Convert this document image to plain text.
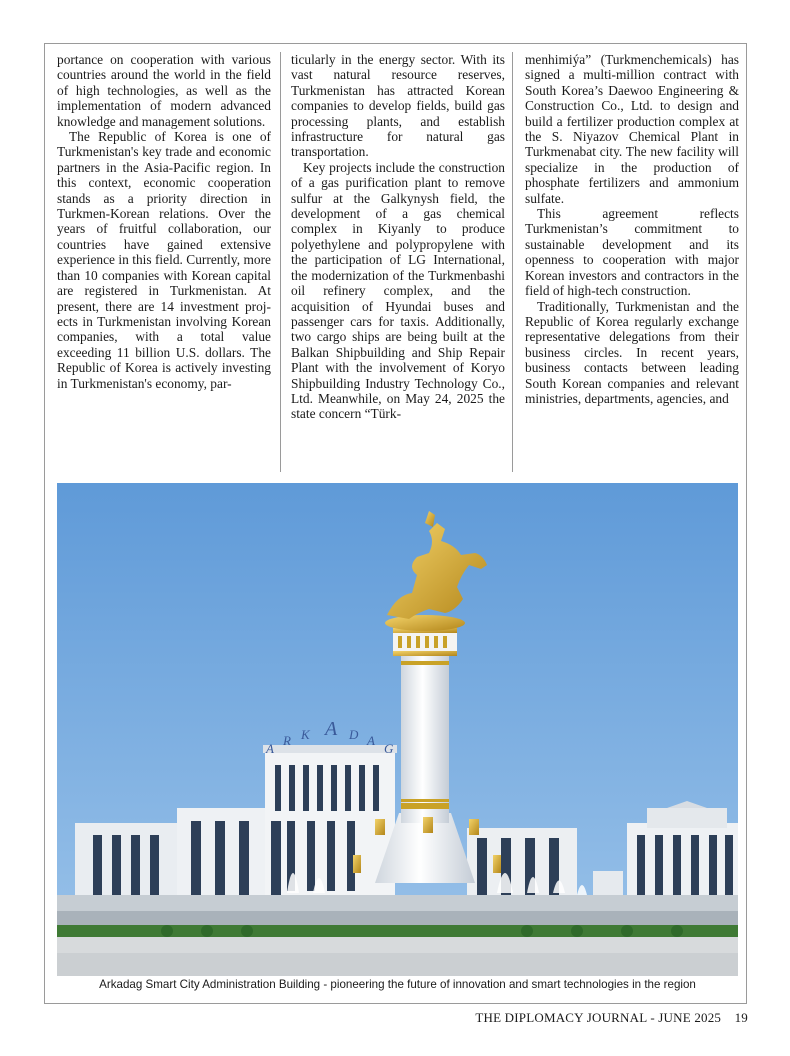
portance on cooperation with various countries around the world in the field of high technologies, as well as the implementation of modern advanced knowledge and management solutions.

The Republic of Korea is one of Turkmenistan's key trade and economic partners in the Asia-Pacific region. In this context, economic cooperation stands as a priority direction in Turkmen-Korean relations. Over the years of fruitful collaboration, our countries have gained extensive experience in this field. Currently, more than 10 companies with Korean capital are registered in Turkmenistan. At present, there are 14 investment projects in Turkmenistan involving Korean companies, with a total value exceeding 11 billion U.S. dollars. The Republic of Korea is actively investing in Turkmenistan's economy, par-

ticularly in the energy sector. With its vast natural resource reserves, Turkmenistan has attracted Korean companies to develop fields, build gas processing plants, and establish infrastructure for natural gas transportation.

Key projects include the construction of a gas purification plant to remove sulfur at the Galkynysh field, the development of a gas chemical complex in Kiyanly to produce polyethylene and polypropylene with the participation of LG International, the modernization of the Turkmenbashi oil refinery complex, and the acquisition of Hyundai buses and passenger cars for taxis. Additionally, two cargo ships are being built at the Balkan Shipbuilding and Ship Repair Plant with the involvement of Koryo Shipbuilding Industry Technology Co., Ltd. Meanwhile, on May 24, 2025 the state concern “Türk-

menhimiýa” (Turkmenchemicals) has signed a multi-million contract with South Korea’s Daewoo Engineering & Construction Co., Ltd. to design and build a fertilizer production complex at the S. Niyazov Chemical Plant in Turkmenabat city. The new facility will specialize in the production of phosphate fertilizers and ammonium sulfate.

This agreement reflects Turkmenistan’s commitment to sustainable development and its openness to cooperation with major Korean investors and contractors in the field of high-tech construction.

Traditionally, Turkmenistan and the Republic of Korea regularly exchange representative delegations from their business circles. In recent years, business contacts between leading South Korean companies and relevant ministries, departments, agencies, and

A
R K A D A
G
Arkadag Smart City Administration Building - pioneering the future of innovation and smart technologies in the region
THE DIPLOMACY JOURNAL - JUNE 2025 19
